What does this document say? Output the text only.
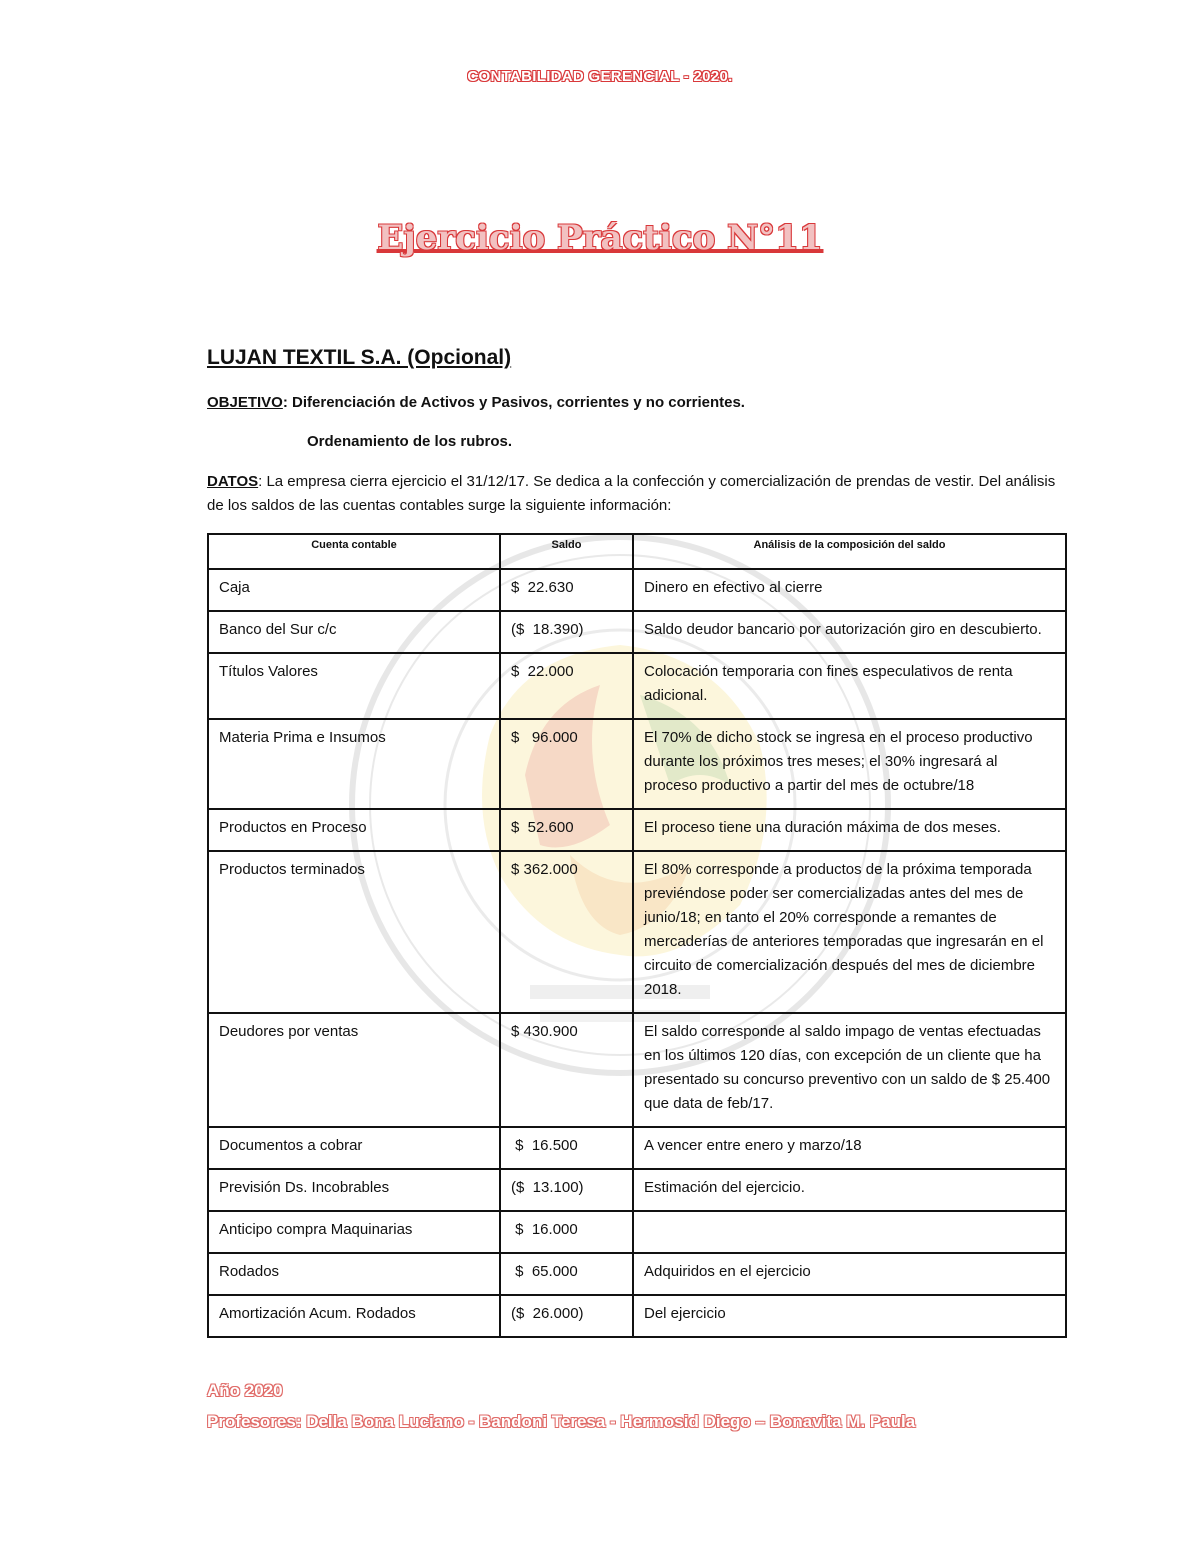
CONTABILIDAD GERENCIAL - 2020.
Ejercicio Práctico N°11
LUJAN TEXTIL S.A. (Opcional)
OBJETIVO: Diferenciación de Activos y Pasivos, corrientes y no corrientes.
Ordenamiento de los rubros.
DATOS: La empresa cierra ejercicio el 31/12/17. Se dedica a la confección y comercialización de prendas de vestir. Del análisis de los saldos de las cuentas contables surge la siguiente información:
Cuenta contable	Saldo	Análisis de la composición del saldo
Caja	$  22.630	Dinero en efectivo al cierre
Banco del Sur c/c	($  18.390)	Saldo deudor bancario por autorización giro en descubierto.
Títulos Valores	$  22.000	Colocación temporaria con fines especulativos de renta adicional.
Materia Prima e Insumos	$   96.000	El 70% de dicho stock se ingresa en el proceso productivo durante los próximos tres meses; el 30% ingresará al proceso productivo a partir del mes de octubre/18
Productos en Proceso	$  52.600	El proceso tiene una duración máxima de dos meses.
Productos terminados	$ 362.000	El 80% corresponde a productos de la próxima temporada previéndose poder ser comercializadas antes del mes de junio/18; en tanto el 20% corresponde a remantes de mercaderías de anteriores temporadas que ingresarán en el circuito de comercialización después del mes de diciembre 2018.
Deudores por ventas	$ 430.900	El saldo corresponde al saldo impago de ventas efectuadas en los últimos 120 días, con excepción de un cliente que ha presentado su concurso preventivo con un saldo de $ 25.400 que data de feb/17.
Documentos a cobrar	$  16.500	A vencer entre enero y marzo/18
Previsión Ds. Incobrables	($  13.100)	Estimación del ejercicio.
Anticipo compra Maquinarias	$  16.000	
Rodados	$  65.000	Adquiridos en el ejercicio
Amortización Acum. Rodados	($  26.000)	Del ejercicio
Año 2020
Profesores: Della Bona Luciano - Bandoni Teresa - Hermosid Diego – Bonavita M. Paula
